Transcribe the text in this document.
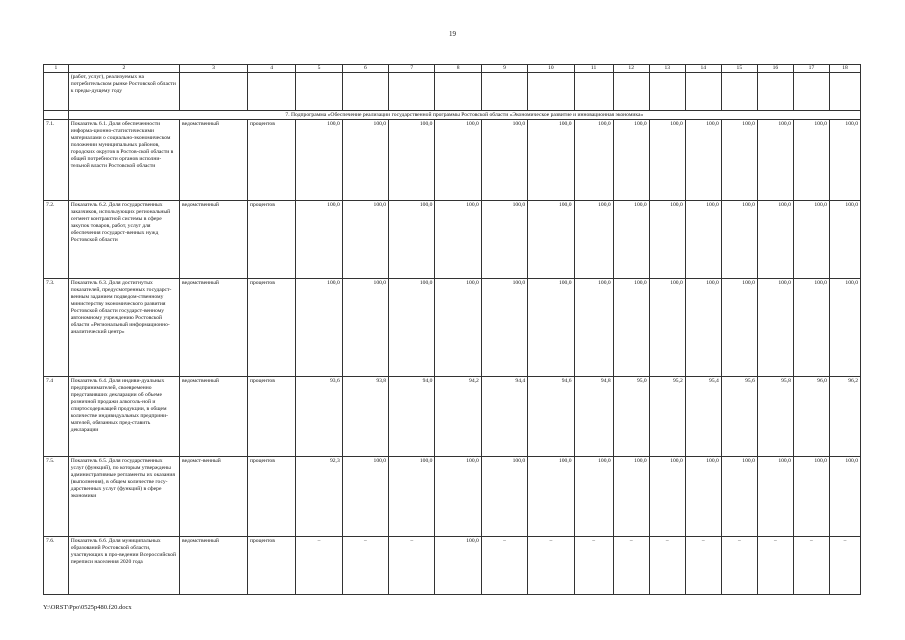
19
1	2	3	4	5	6	7	8	9	10	11	12	13	14	15	16	17	18
	(работ, услуг), реализуемых на потребительском рынке Ростовской области к преды-дущему году																
	7. Подпрограмма «Обеспечение реализации государственной программы Ростовской области «Экономическое развитие и инновационная экономика»																
7.1.	Показатель 6.1. Доля обеспеченности информа-ционно-статистическими материалами о социально-экономическом положении муниципальных районов, городских округов в Ростов-ской области в общей потребности органов исполни-тельной власти Ростовской области	ведомственный	процентов	100,0	100,0	100,0	100,0	100,0	100,0	100,0	100,0	100,0	100,0	100,0	100,0	100,0	100,0
7.2.	Показатель 6.2. Доля государственных заказчиков, использующих региональный сегмент контрактной системы в сфере закупок товаров, работ, услуг для обеспечения государст-венных нужд Ростовской области	ведомственный	процентов	100,0	100,0	100,0	100,0	100,0	100,0	100,0	100,0	100,0	100,0	100,0	100,0	100,0	100,0
7.3.	Показатель 6.3. Доля достигнутых показателей, предусмотренных государст-венным заданием подведом-ственному министерству экономического развития Ростовской области государст-венному автономному учреждению Ростовской области «Региональный информационно-аналитический центр»	ведомственный	процентов	100,0	100,0	100,0	100,0	100,0	100,0	100,0	100,0	100,0	100,0	100,0	100,0	100,0	100,0
7.4	Показатель 6.4. Доля индиви-дуальных предпринимателей, своевременно представивших декларации об объеме розничной продажи алкоголь-ной и спиртосодержащей продукции, в общем количестве индивидуальных предприни-мателей, обязанных пред-ставить декларации	ведомственный	процентов	93,6	93,8	94,0	94,2	94,4	94,6	94,8	95,0	95,2	95,4	95,6	95,8	96,0	96,2
7.5.	Показатель 6.5. Доля государственных услуг (функций), по которым утверждены административные регламенты их оказания (выполнения), в общем количестве госу-дарственных услуг (функций) в сфере экономики	ведомст-венный	процентов	92,3	100,0	100,0	100,0	100,0	100,0	100,0	100,0	100,0	100,0	100,0	100,0	100,0	100,0
7.6.	Показатель 6.6. Доля муниципальных образований Ростовской области, участвующих в про-ведении Всероссийской переписи населения 2020 года	ведомственный	процентов	–	–	–	100,0	–	–	–	–	–	–	–	–	–	–
Y:\ORST\Ppo\0525p480.f20.docx
